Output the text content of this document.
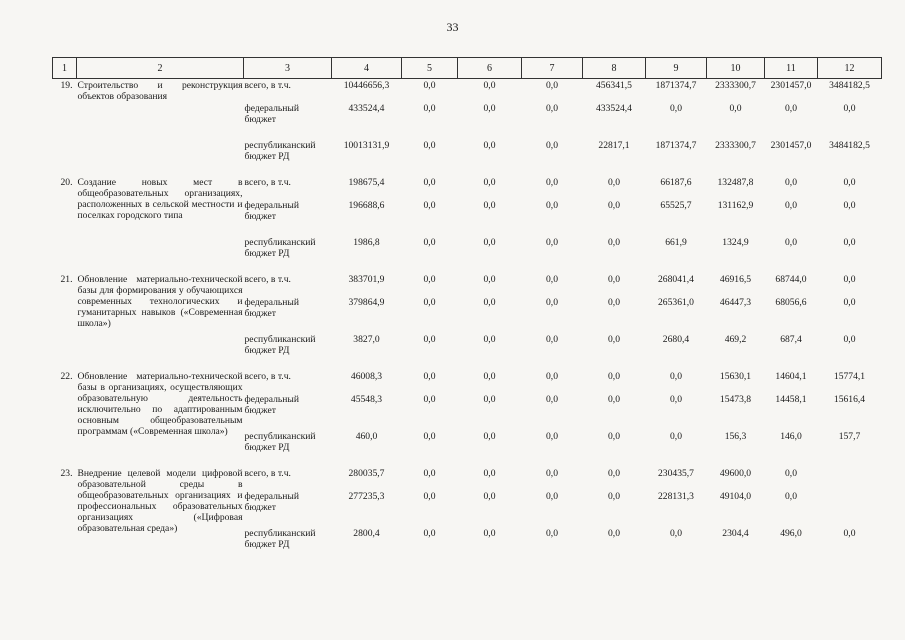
33
1	2	3	4	5	6	7	8	9	10	11	12
19.	Строительство и реконструкция объектов образования	всего, в т.ч.	10446656,3	0,0	0,0	0,0	456341,5	1871374,7	2333300,7	2301457,0	3484182,5
		федеральный бюджет	433524,4	0,0	0,0	0,0	433524,4	0,0	0,0	0,0	0,0
		республиканский бюджет РД	10013131,9	0,0	0,0	0,0	22817,1	1871374,7	2333300,7	2301457,0	3484182,5
20.	Создание новых мест в общеобразовательных организациях, расположенных в сельской местности и поселках городского типа	всего, в т.ч.	198675,4	0,0	0,0	0,0	0,0	66187,6	132487,8	0,0	0,0
		федеральный бюджет	196688,6	0,0	0,0	0,0	0,0	65525,7	131162,9	0,0	0,0
		республиканский бюджет РД	1986,8	0,0	0,0	0,0	0,0	661,9	1324,9	0,0	0,0
21.	Обновление материально-технической базы для формирования у обучающихся современных технологических и гуманитарных навыков («Современная школа»)	всего, в т.ч.	383701,9	0,0	0,0	0,0	0,0	268041,4	46916,5	68744,0	0,0
		федеральный бюджет	379864,9	0,0	0,0	0,0	0,0	265361,0	46447,3	68056,6	0,0
		республиканский бюджет РД	3827,0	0,0	0,0	0,0	0,0	2680,4	469,2	687,4	0,0
22.	Обновление материально-технической базы в организациях, осуществляющих образовательную деятельность исключительно по адаптированным основным общеобразовательным программам («Современная школа»)	всего, в т.ч.	46008,3	0,0	0,0	0,0	0,0	0,0	15630,1	14604,1	15774,1
		федеральный бюджет	45548,3	0,0	0,0	0,0	0,0	0,0	15473,8	14458,1	15616,4
		республиканский бюджет РД	460,0	0,0	0,0	0,0	0,0	0,0	156,3	146,0	157,7
23.	Внедрение целевой модели цифровой образовательной среды в общеобразовательных организациях и профессиональных образовательных организациях («Цифровая образовательная среда»)	всего, в т.ч.	280035,7	0,0	0,0	0,0	0,0	230435,7	49600,0	0,0	
		федеральный бюджет	277235,3	0,0	0,0	0,0	0,0	228131,3	49104,0	0,0	
		республиканский бюджет РД	2800,4	0,0	0,0	0,0	0,0	0,0	2304,4	496,0	0,0
